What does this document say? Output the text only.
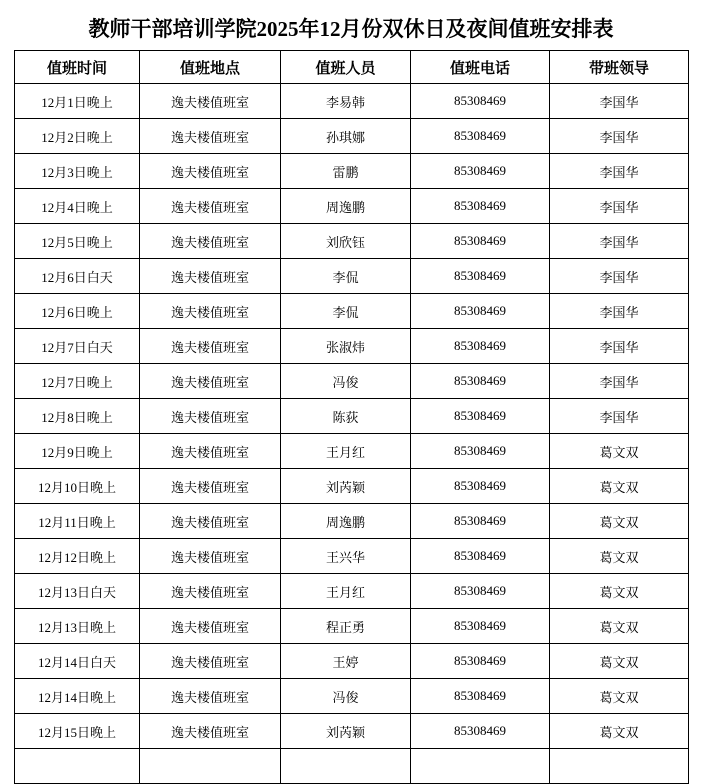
教师干部培训学院2025年12月份双休日及夜间值班安排表
值班时间	值班地点	值班人员	值班电话	带班领导
12月1日晚上	逸夫楼值班室	李易韩	85308469	李国华
12月2日晚上	逸夫楼值班室	孙琪娜	85308469	李国华
12月3日晚上	逸夫楼值班室	雷鹏	85308469	李国华
12月4日晚上	逸夫楼值班室	周逸鹏	85308469	李国华
12月5日晚上	逸夫楼值班室	刘欣钰	85308469	李国华
12月6日白天	逸夫楼值班室	李侃	85308469	李国华
12月6日晚上	逸夫楼值班室	李侃	85308469	李国华
12月7日白天	逸夫楼值班室	张淑炜	85308469	李国华
12月7日晚上	逸夫楼值班室	冯俊	85308469	李国华
12月8日晚上	逸夫楼值班室	陈荻	85308469	李国华
12月9日晚上	逸夫楼值班室	王月红	85308469	葛文双
12月10日晚上	逸夫楼值班室	刘芮颖	85308469	葛文双
12月11日晚上	逸夫楼值班室	周逸鹏	85308469	葛文双
12月12日晚上	逸夫楼值班室	王兴华	85308469	葛文双
12月13日白天	逸夫楼值班室	王月红	85308469	葛文双
12月13日晚上	逸夫楼值班室	程正勇	85308469	葛文双
12月14日白天	逸夫楼值班室	王婷	85308469	葛文双
12月14日晚上	逸夫楼值班室	冯俊	85308469	葛文双
12月15日晚上	逸夫楼值班室	刘芮颖	85308469	葛文双
